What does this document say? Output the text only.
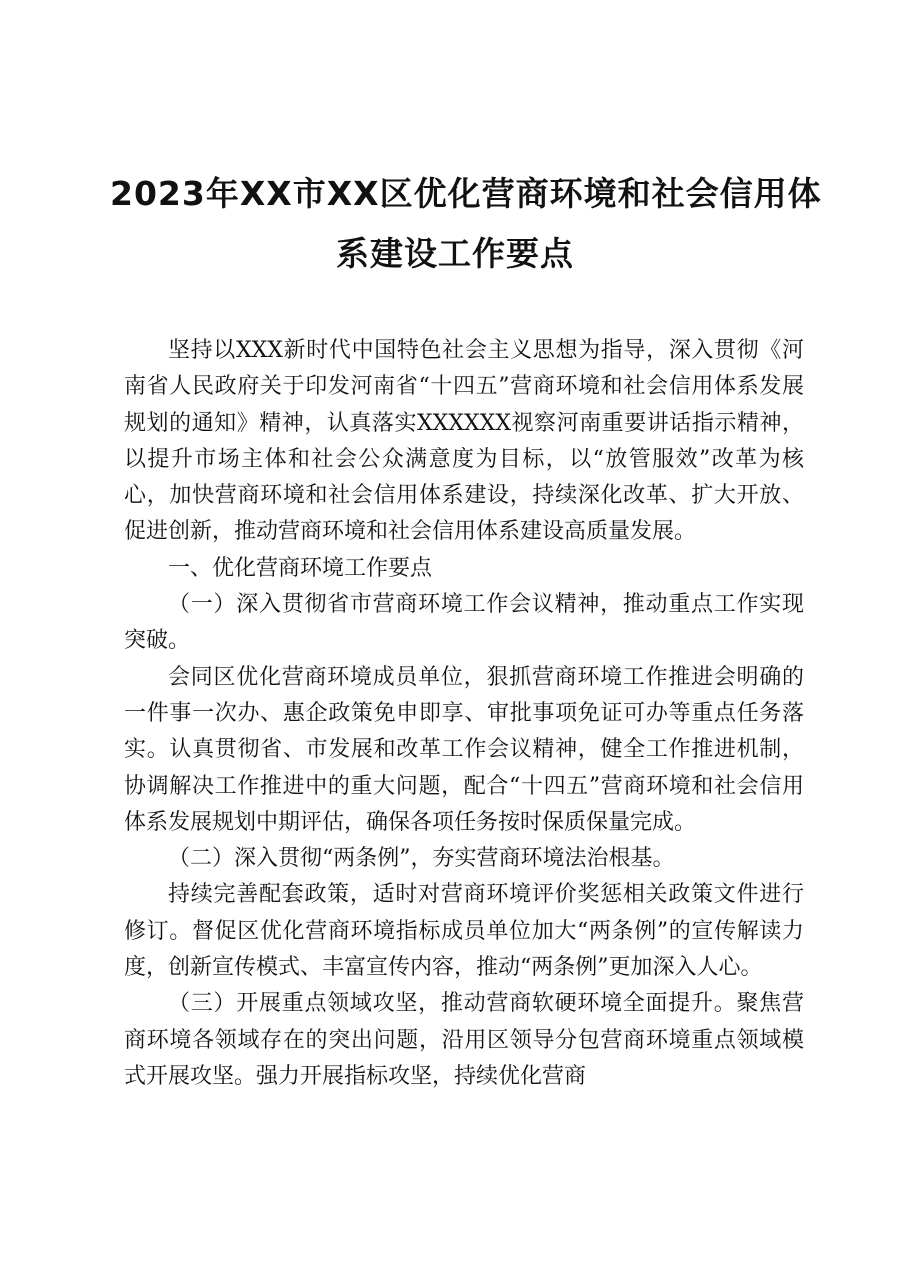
2023年XX市XX区优化营商环境和社会信用体
系建设工作要点

坚持以XXX新时代中国特色社会主义思想为指导，深入贯彻《河南省人民政府关于印发河南省“十四五”营商环境和社会信用体系发展规划的通知》精神，认真落实XXXXXX视察河南重要讲话指示精神，以提升市场主体和社会公众满意度为目标，以“放管服效”改革为核心，加快营商环境和社会信用体系建设，持续深化改革、扩大开放、促进创新，推动营商环境和社会信用体系建设高质量发展。

一、优化营商环境工作要点

（一）深入贯彻省市营商环境工作会议精神，推动重点工作实现突破。

会同区优化营商环境成员单位，狠抓营商环境工作推进会明确的一件事一次办、惠企政策免申即享、审批事项免证可办等重点任务落实。认真贯彻省、市发展和改革工作会议精神，健全工作推进机制，协调解决工作推进中的重大问题，配合“十四五”营商环境和社会信用体系发展规划中期评估，确保各项任务按时保质保量完成。

（二）深入贯彻“两条例”，夯实营商环境法治根基。

持续完善配套政策，适时对营商环境评价奖惩相关政策文件进行修订。督促区优化营商环境指标成员单位加大“两条例”的宣传解读力度，创新宣传模式、丰富宣传内容，推动“两条例”更加深入人心。

（三）开展重点领域攻坚，推动营商软硬环境全面提升。聚焦营商环境各领域存在的突出问题，沿用区领导分包营商环境重点领域模式开展攻坚。强力开展指标攻坚，持续优化营商
